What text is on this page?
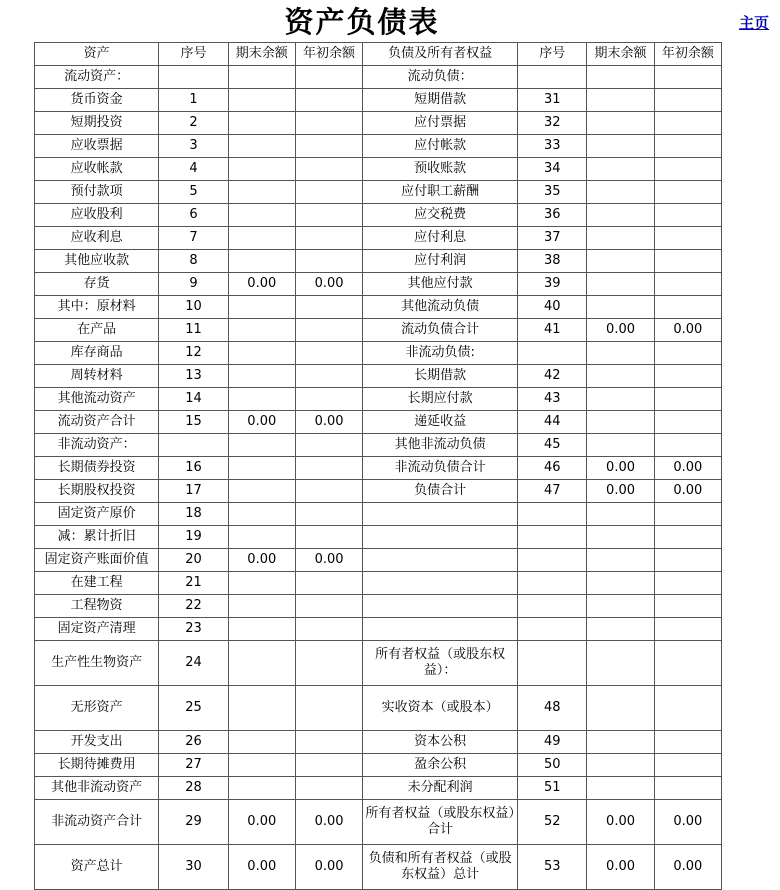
资产负债表	主页
资产	序号	期末余额	年初余额	负债及所有者权益	序号	期末余额	年初余额
流动资产：				流动负债：			
货币资金	1			短期借款	31		
短期投资	2			应付票据	32		
应收票据	3			应付帐款	33		
应收帐款	4			预收账款	34		
预付款项	5			应付职工薪酬	35		
应收股利	6			应交税费	36		
应收利息	7			应付利息	37		
其他应收款	8			应付利润	38		
存货	9	0.00	0.00	其他应付款	39		
其中：原材料	10			其他流动负债	40		
在产品	11			流动负债合计	41	0.00	0.00
库存商品	12			非流动负债:			
周转材料	13			长期借款	42		
其他流动资产	14			长期应付款	43		
流动资产合计	15	0.00	0.00	递延收益	44		
非流动资产：				其他非流动负债	45		
长期债券投资	16			非流动负债合计	46	0.00	0.00
长期股权投资	17			负债合计	47	0.00	0.00
固定资产原价	18						
减：累计折旧	19						
固定资产账面价值	20	0.00	0.00				
在建工程	21						
工程物资	22						
固定资产清理	23						
生产性生物资产	24			所有者权益（或股东权益）：			
无形资产	25			实收资本（或股本）	48		
开发支出	26			资本公积	49		
长期待摊费用	27			盈余公积	50		
其他非流动资产	28			未分配利润	51		
非流动资产合计	29	0.00	0.00	所有者权益（或股东权益）合计	52	0.00	0.00
资产总计	30	0.00	0.00	负债和所有者权益（或股东权益）总计	53	0.00	0.00
